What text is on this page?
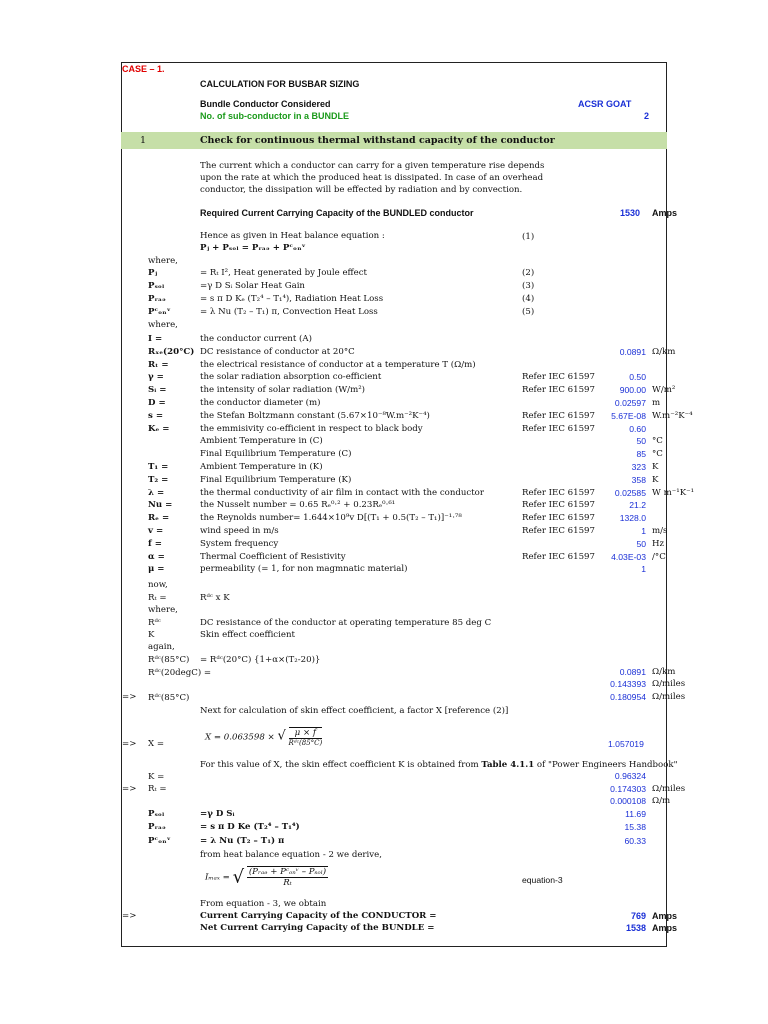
CASE – 1.
CALCULATION FOR BUSBAR SIZING
Bundle Conductor Considered	ACSR GOAT
No. of sub-conductor in a BUNDLE	2
1	Check for continuous thermal withstand capacity of the conductor
The current which a conductor can carry for a given temperature rise depends
upon the rate at which the produced heat is dissipated. In case of an overhead
conductor, the dissipation will be effected by radiation and by convection.
Required Current Carrying Capacity of the BUNDLED conductor	1530 Amps
Hence as given in Heat balance equation :
Pⱼ + Pₛₒₗ = Pᵣₐₔ + Pᶜₒₙᵛ
(1)
where,
Pⱼ	= Rₜ I², Heat generated by Joule effect	(2)
Pₛₒₗ	=γ D Sᵢ Solar Heat Gain	(3)
Pᵣₐₔ	= s π D Kₑ (T₂⁴ – T₁⁴), Radiation Heat Loss	(4)
Pᶜₒₙᵛ	= λ Nu (T₂ – T₁) π, Convection Heat Loss	(5)
where,
I =	the conductor current (A)
Rₓₑ(20°C) DC resistance of conductor at 20°C	0.0891 Ω/km
Rₜ =	the electrical resistance of conductor at a temperature T (Ω/m)
γ =	the solar radiation absorption co-efficient	Refer IEC 61597	0.50
Sᵢ =	the intensity of solar radiation (W/m²)	Refer IEC 61597	900.00 W/m²
D =	the conductor diameter (m)	0.02597 m
s =	the Stefan Boltzmann constant (5.67×10⁻⁸W.m⁻²K⁻⁴)	Refer IEC 61597	5.67E-08 W.m⁻²K⁻⁴
Kₑ =	the emmisivity co-efficient in respect to black body	Refer IEC 61597	0.60
Ambient Temperature in (C)	50 °C
Final Equilibrium Temperature (C)	85 °C
T₁ =	Ambient Temperature in (K)	323 K
T₂ =	Final Equilibrium Temperature (K)	358 K
λ =	the thermal conductivity of air film in contact with the conductor	Refer IEC 61597	0.02585 W m⁻¹K⁻¹
Nu =	the Nusselt number = 0.65 Rₑ⁰·² + 0.23Rₑ⁰·⁶¹	Refer IEC 61597	21.2
Rₑ =	the Reynolds number= 1.644×10⁹v D[(T₁ + 0.5(T₂ – T₁)]⁻¹·⁷⁸	Refer IEC 61597	1328.0
v =	wind speed in m/s	Refer IEC 61597	1 m/s
f =	System frequency	50 Hz
α =	Thermal Coefficient of Resistivity	Refer IEC 61597	4.03E-03 /°C
μ =	permeability (= 1, for non magmnatic material)	1
now,
Rₜ =	Rᵈᶜ x K
where,
Rᵈᶜ	DC resistance of the conductor at operating temperature 85 deg C
K	Skin effect coefficient
again,
Rᵈᶜ(85°C) = Rᵈᶜ(20°C) {1+α×(T₂-20)}
Rᵈᶜ(20degC) =	0.0891 Ω/km
0.143393 Ω/miles
=> Rᵈᶜ(85°C)	0.180954 Ω/miles
Next for calculation of skin effect coefficient, a factor X [reference (2)]
=> X =
X = 0.063598 × √ $\frac{\mu \times f}{\text{Rᵈᶜ(85°C)}}$	1.057019
For this value of X, the skin effect coefficient K is obtained from Table 4.1.1 of "Power Engineers Handbook"
K =	0.96324
=> Rₜ =	0.174303 Ω/miles
0.000108 Ω/m
Pₛₒₗ	=γ D Sᵢ	11.69
Pᵣₐₔ	= s π D Ke (T₂⁴ – T₁⁴)	15.38
Pᶜₒₙᵛ	= λ Nu (T₂ – T₁) π	60.33
from heat balance equation - 2 we derive,
Iₘₐₓ = √ $\frac{\text{(Pᵣₐₔ + Pᶜₒₙᵛ – Pₛₒₗ)}}{\text{Rₜ}}$	equation-3
From equation - 3, we obtain
=>	Current Carrying Capacity of the CONDUCTOR =	769 Amps
Net Current Carrying Capacity of the BUNDLE =	1538 Amps
